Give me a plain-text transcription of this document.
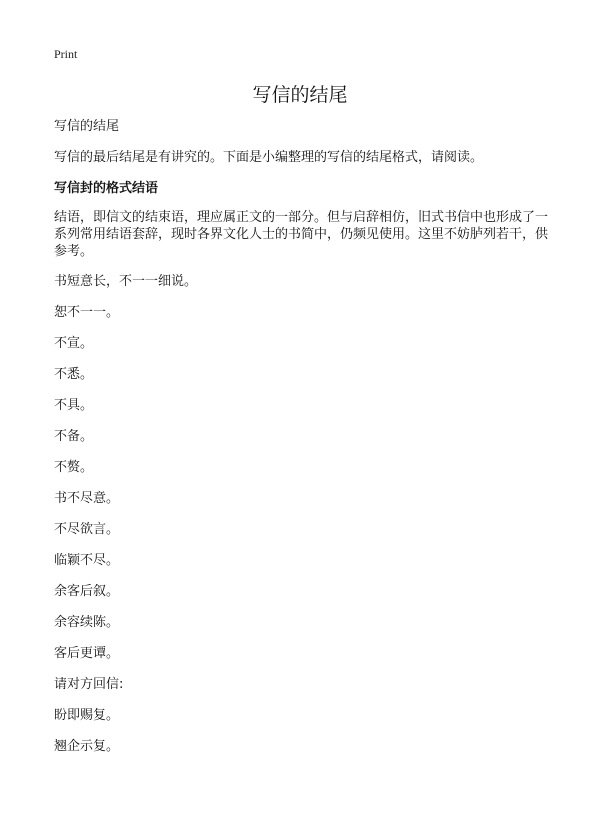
Print
写信的结尾

写信的结尾

写信的最后结尾是有讲究的。下面是小编整理的写信的结尾格式，请阅读。

写信封的格式结语

结语，即信文的结束语，理应属正文的一部分。但与启辞相仿，旧式书信中也形成了一系列常用结语套辞，现时各界文化人士的书简中，仍频见使用。这里不妨胪列若干，供参考。

书短意长，不一一细说。
恕不一一。
不宣。
不悉。
不具。
不备。
不赘。
书不尽意。
不尽欲言。
临颖不尽。
余客后叙。
余容续陈。
客后更谭。
请对方回信:
盼即赐复。
翘企示复。
